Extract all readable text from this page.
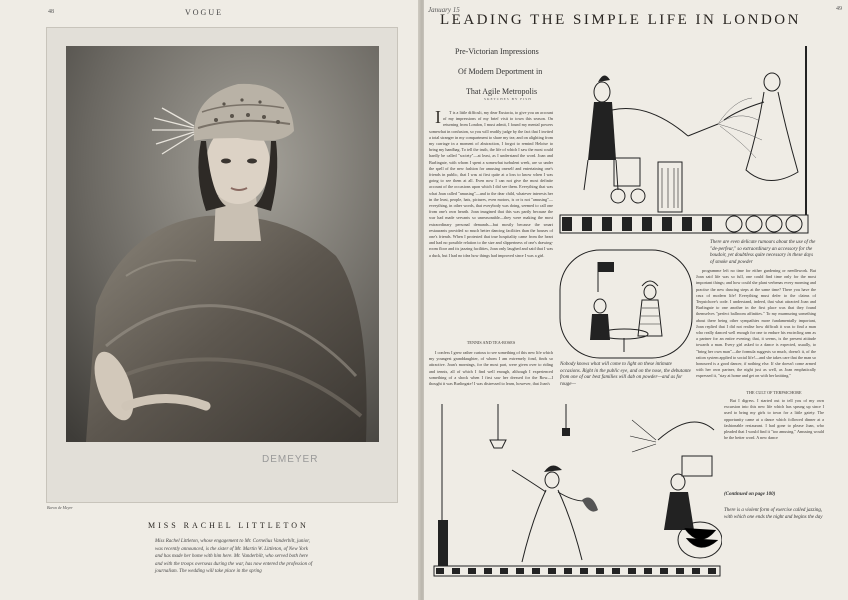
48	VOGUE
DEMEYER
Baron de Meyer
MISS RACHEL LITTLETON
Miss Rachel Littleton, whose engagement to Mr. Cornelius Vanderbilt, junior, was recently announced, is the sister of Mr. Martin W. Littleton, of New York and has made her home with him here. Mr. Vanderbilt, who served both here and with the troops overseas during the war, has now entered the profession of journalism. The wedding will take place in the spring
January 15	49
LEADING THE SIMPLE LIFE IN LONDON
Pre-Victorian Impressions
Of Modern Deportment in
That Agile Metropolis
SKETCHES BY FISH

I T is a little difficult, my dear Eustacia, to give you an account of my impressions of my brief visit to town this season. On returning from London, I must admit, I found my mental powers somewhat in confusion, so you will readily judge by the fact that I invited a total stranger in my compartment to share my tea; and on alighting from my carriage in a moment of abstraction, I forgot to remind Heloise to bring my handbag. To tell the truth, the life of which I saw the most could hardly be called "society"—at least, as I understand the word. Joan and Burlingate, with whom I spent a somewhat turbulent week, are so under the spell of the new fashion for amusing oneself and entertaining one's friends in public, that I was at first quite at a loss to know when I was going to see them at all. Even now I can not give the most definite account of the occasions upon which I did see them. Everything that was what Joan called "amusing"—and to the dear child, whatever interests her in the least, people, hats, pictures, even motors, is or is not "amusing"—everything, in other words, that everybody was doing, seemed to call one from one's own hearth. Joan imagined that this was partly because the war had made servants so unreasonable—they were making the most extraordinary personal demands—but mostly because the smart restaurants provided so much better dancing facilities than the houses of one's friends. When I protested that true hospitality came from the heart and had no possible relation to the size and slipperiness of one's drawing-room floor and its jazzing facilities, Joan only laughed and said that I was a duck, but I had no idea how things had improved since I was a girl.

TENNIS AND TEA-ROSES

I confess I grew rather curious to see something of this new life which my youngest granddaughter, of whom I am extremely fond, finds so attractive. Joan's mornings, for the most part, were given over to riding and tennis, all of which I find well enough, although I experienced something of a shock when I first saw her dressed for the Row—I thought it was Burlingate! I was distressed to learn, however, that Joan's

There are even delicate rumours about the use of the "de-perfeur," so extraordinary an accessory for the boudoir, yet doubtless quite necessary in these days of smoke and powder
Nobody knows what will come to light on these intimate occasions. Right in the public eye, and on the nose, the debutante from one of our best families will dab on powder—and as for rouge—

programme left no time for either gardening or needlework. But Joan said life was so full, one could find time only for the most important things; and how could she plant verbenas every morning and practise the new dancing steps at the same time? There you have the crux of modern life! Everything must defer to the claims of Terpsichore's code. I understand, indeed, that what attracted Joan and Burlingate to one another in the first place was that they found themselves "perfect ballroom affinities." To my murmuring something about there being other sympathies more fundamentally important, Joan replied that I did not realise how difficult it was to find a man who really danced well enough for one to endure his encircling arm as a partner for an entire evening; that, it seems, is the present attitude towards a man. Every girl asked to a dance is expected, usually, to "bring her own man"—the formula suggests so much, doesn't it, of the ration system applied to social life!—and she takes care that the man so honoured is a good dancer, if nothing else. If she doesn't come armed with her own partner, the night just as well, as Joan emphatically expressed it, "stay at home and get on with her knitting."

There is a violent form of exercise called jazzing, with which one ends the night and begins the day
THE CULT OF TERPSICHORE

But I digress. I started out to tell you of my own excursion into this new life which has sprung up since I used to bring my girls to town for a little gaiety. The opportunity came at a dance which followed dinner at a fashionable restaurant. I had gone to please Joan, who pleaded that I would find it "too amusing." Amusing would be the better word. A new dance

(Continued on page 100)
